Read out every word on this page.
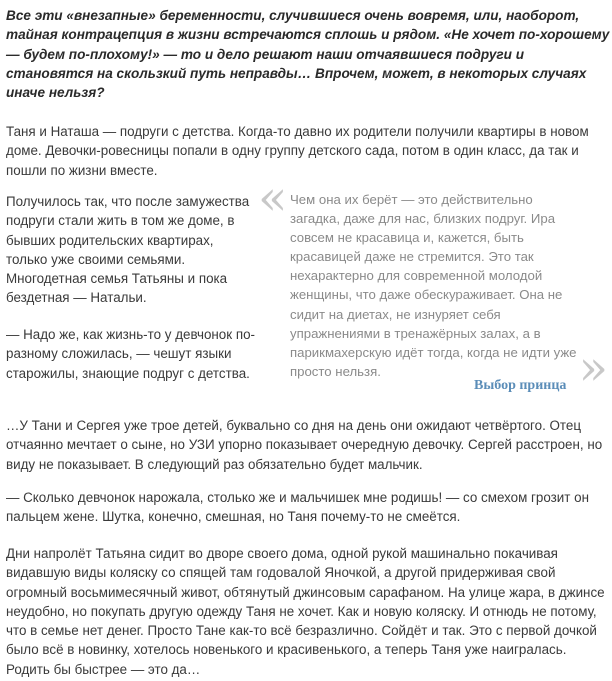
Все эти «внезапные» беременности, случившиеся очень вовремя, или, наоборот, тайная контрацепция в жизни встречаются сплошь и рядом. «Не хочет по-хорошему — будем по-плохому!» — то и дело решают наши отчаявшиеся подруги и становятся на скользкий путь неправды… Впрочем, может, в некоторых случаях иначе нельзя?

Таня и Наташа — подруги с детства. Когда-то давно их родители получили квартиры в новом доме. Девочки-ровесницы попали в одну группу детского сада, потом в один класс, да так и пошли по жизни вместе.

Получилось так, что после замужества подруги стали жить в том же доме, в бывших родительских квартирах, только уже своими семьями. Многодетная семья Татьяны и пока бездетная — Натальи.

— Надо же, как жизнь-то у девчонок по-разному сложилась, — чешут языки старожилы, знающие подруг с детства.

« Чем она их берёт — это действительно загадка, даже для нас, близких подруг. Ира совсем не красавица и, кажется, быть красавицей даже не стремится. Это так нехарактерно для современной молодой женщины, что даже обескураживает. Она не сидит на диетах, не изнуряет себя упражнениями в тренажёрных залах, а в парикмахерскую идёт тогда, когда не идти уже просто нельзя.	»
Выбор принца

…У Тани и Сергея уже трое детей, буквально со дня на день они ожидают четвёртого. Отец отчаянно мечтает о сыне, но УЗИ упорно показывает очередную девочку. Сергей расстроен, но виду не показывает. В следующий раз обязательно будет мальчик.

— Сколько девчонок нарожала, столько же и мальчишек мне родишь! — со смехом грозит он пальцем жене. Шутка, конечно, смешная, но Таня почему-то не смеётся.

Дни напролёт Татьяна сидит во дворе своего дома, одной рукой машинально покачивая видавшую виды коляску со спящей там годовалой Яночкой, а другой придерживая свой огромный восьмимесячный живот, обтянутый джинсовым сарафаном. На улице жара, в джинсе неудобно, но покупать другую одежду Таня не хочет. Как и новую коляску. И отнюдь не потому, что в семье нет денег. Просто Тане как-то всё безразлично. Сойдёт и так. Это с первой дочкой было всё в новинку, хотелось новенького и красивенького, а теперь Таня уже наигралась. Родить бы быстрее — это да…
